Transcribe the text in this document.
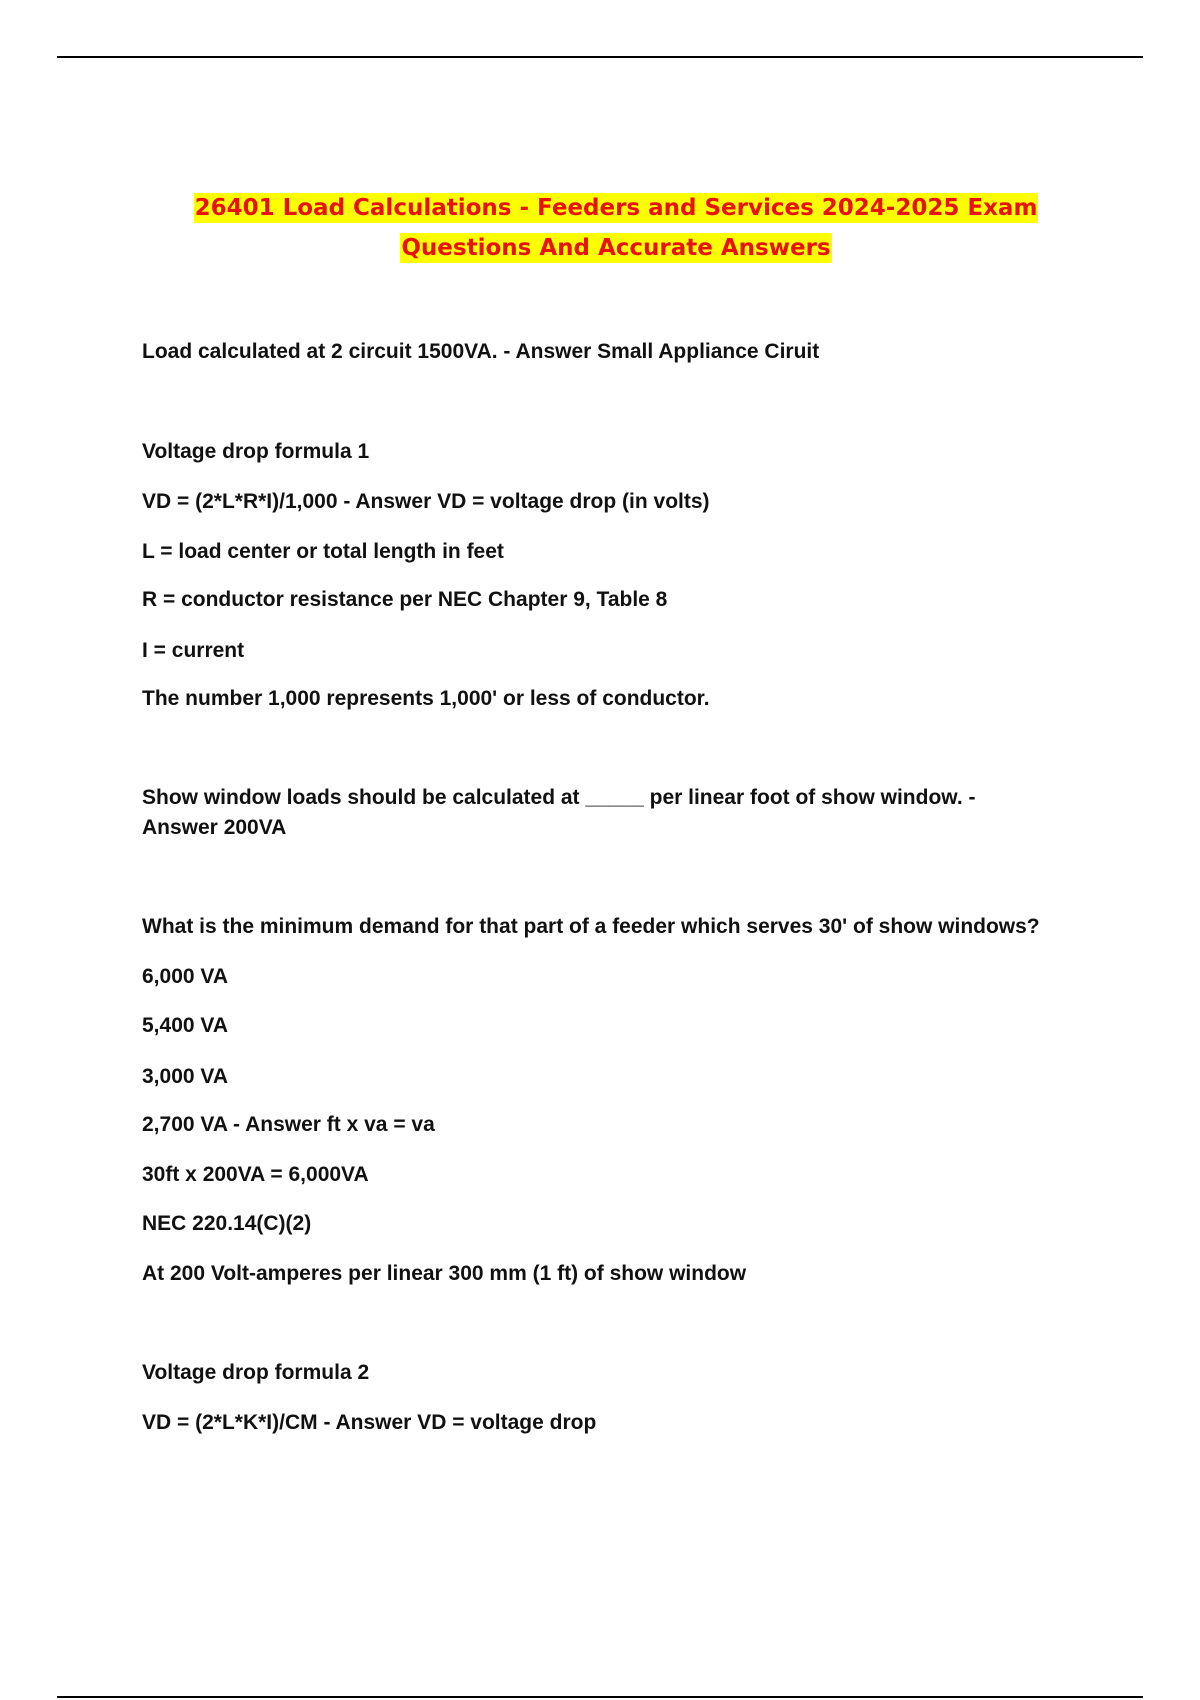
26401 Load Calculations - Feeders and Services 2024-2025 Exam
Questions And Accurate Answers
Load calculated at 2 circuit 1500VA. - Answer Small Appliance Ciruit
Voltage drop formula 1
VD = (2*L*R*I)/1,000 - Answer VD = voltage drop (in volts)
L = load center or total length in feet
R = conductor resistance per NEC Chapter 9, Table 8
I = current
The number 1,000 represents 1,000' or less of conductor.
Show window loads should be calculated at _____ per linear foot of show window. -
Answer 200VA
What is the minimum demand for that part of a feeder which serves 30' of show windows?
6,000 VA
5,400 VA
3,000 VA
2,700 VA - Answer ft x va = va
30ft x 200VA = 6,000VA
NEC 220.14(C)(2)
At 200 Volt-amperes per linear 300 mm (1 ft) of show window
Voltage drop formula 2
VD = (2*L*K*I)/CM - Answer VD = voltage drop
